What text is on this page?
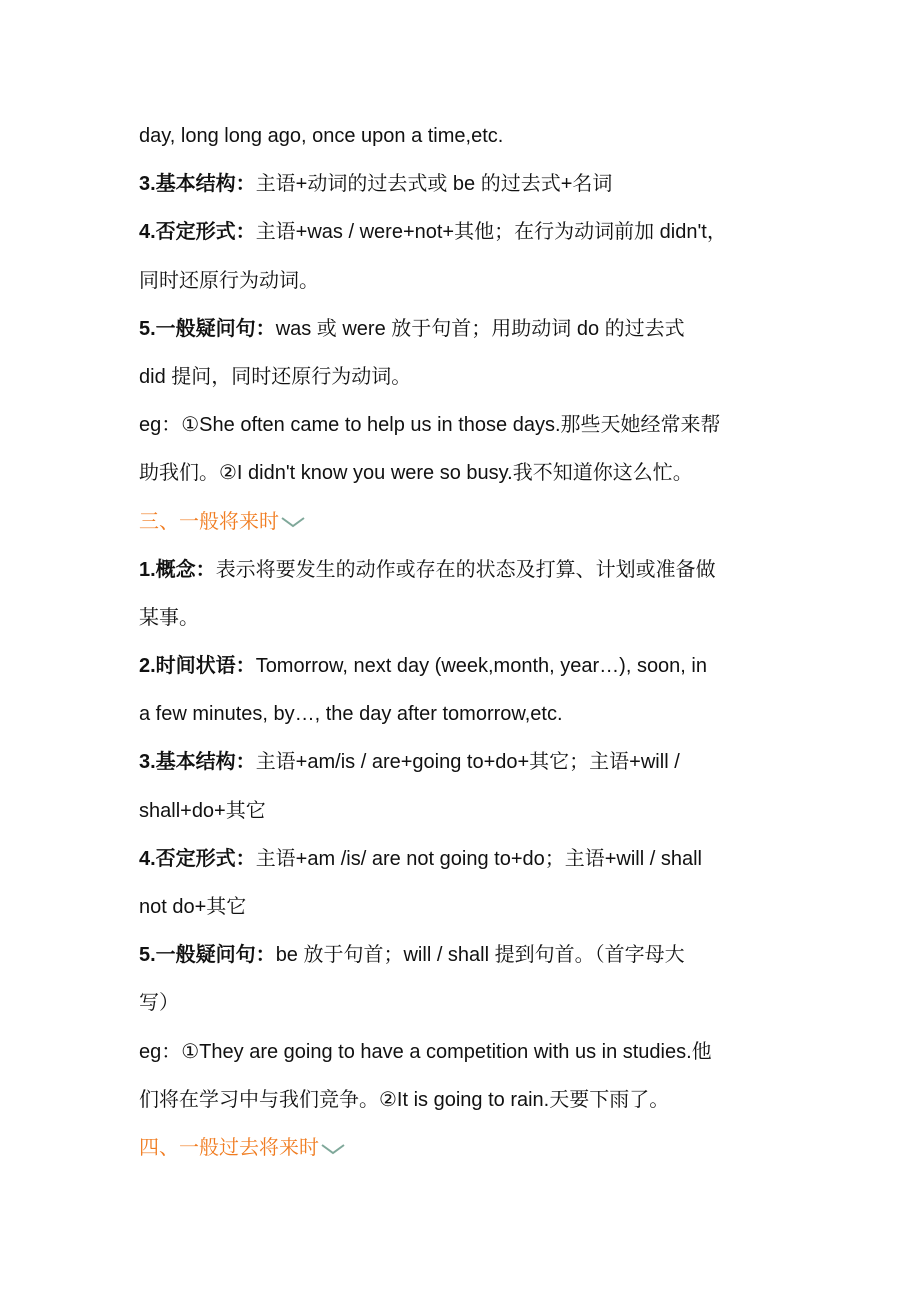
day, long long ago, once upon a time,etc.
3.基本结构：主语+动词的过去式或 be 的过去式+名词
4.否定形式：主语+was / were+not+其他；在行为动词前加 didn't，
同时还原行为动词。
5.一般疑问句：was 或 were 放于句首；用助动词 do 的过去式
did 提问，同时还原行为动词。
eg：①She often came to help us in those days.那些天她经常来帮
助我们。②I didn't know you were so busy.我不知道你这么忙。
三、一般将来时
1.概念：表示将要发生的动作或存在的状态及打算、计划或准备做
某事。
2.时间状语：Tomorrow, next day (week,month, year…), soon, in
a few minutes, by…, the day after tomorrow,etc.
3.基本结构：主语+am/is / are+going to+do+其它；主语+will /
shall+do+其它
4.否定形式：主语+am /is/ are not going to+do；主语+will / shall
not do+其它
5.一般疑问句：be 放于句首；will / shall 提到句首。（首字母大
写）
eg：①They are going to have a competition with us in studies.他
们将在学习中与我们竞争。②It is going to rain.天要下雨了。
四、一般过去将来时
